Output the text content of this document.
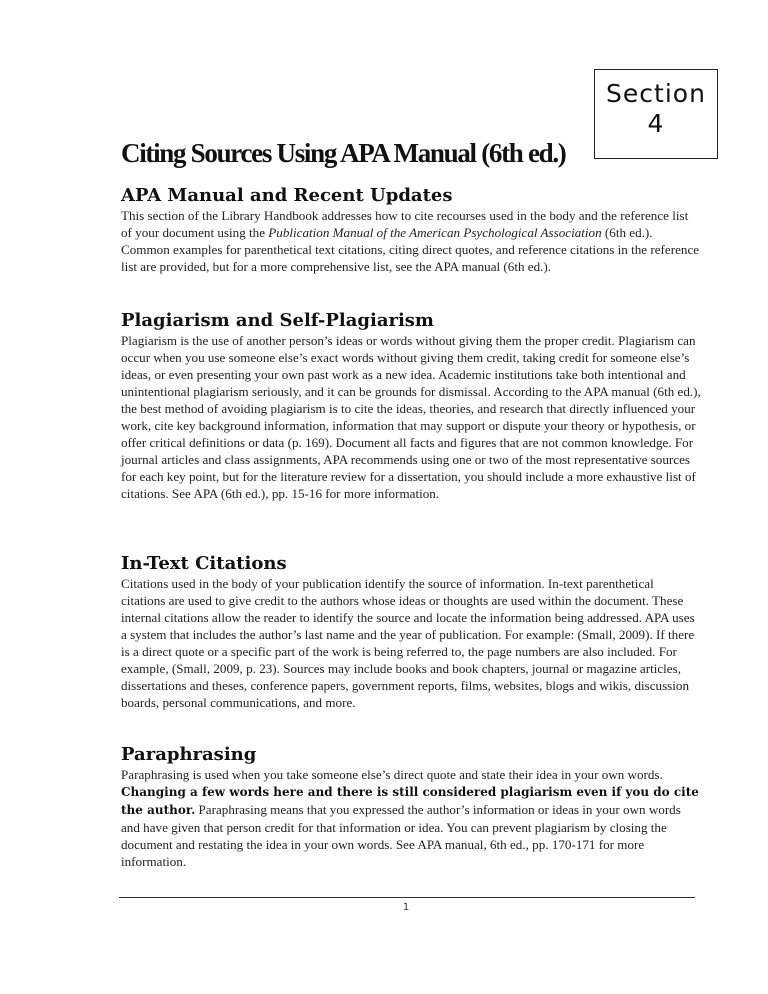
Section
4
Citing Sources Using APA Manual (6th ed.)
APA Manual and Recent Updates

This section of the Library Handbook addresses how to cite recourses used in the body and the reference list of your document using the Publication Manual of the American Psychological Association (6th ed.). Common examples for parenthetical text citations, citing direct quotes, and reference citations in the reference list are provided, but for a more comprehensive list, see the APA manual (6th ed.).

Plagiarism and Self-Plagiarism

Plagiarism is the use of another person’s ideas or words without giving them the proper credit. Plagiarism can occur when you use someone else’s exact words without giving them credit, taking credit for someone else’s ideas, or even presenting your own past work as a new idea. Academic institutions take both intentional and unintentional plagiarism seriously, and it can be grounds for dismissal. According to the APA manual (6th ed.), the best method of avoiding plagiarism is to cite the ideas, theories, and research that directly influenced your work, cite key background information, information that may support or dispute your theory or hypothesis, or offer critical definitions or data (p. 169). Document all facts and figures that are not common knowledge. For journal articles and class assignments, APA recommends using one or two of the most representative sources for each key point, but for the literature review for a dissertation, you should include a more exhaustive list of citations. See APA (6th ed.), pp. 15-16 for more information.

In-Text Citations

Citations used in the body of your publication identify the source of information. In-text parenthetical citations are used to give credit to the authors whose ideas or thoughts are used within the document. These internal citations allow the reader to identify the source and locate the information being addressed. APA uses a system that includes the author’s last name and the year of publication. For example: (Small, 2009). If there is a direct quote or a specific part of the work is being referred to, the page numbers are also included. For example, (Small, 2009, p. 23). Sources may include books and book chapters, journal or magazine articles, dissertations and theses, conference papers, government reports, films, websites, blogs and wikis, discussion boards, personal communications, and more.

Paraphrasing

Paraphrasing is used when you take someone else’s direct quote and state their idea in your own words. Changing a few words here and there is still considered plagiarism even if you do cite the author. Paraphrasing means that you expressed the author’s information or ideas in your own words and have given that person credit for that information or idea. You can prevent plagiarism by closing the document and restating the idea in your own words. See APA manual, 6th ed., pp. 170-171 for more information.

1
